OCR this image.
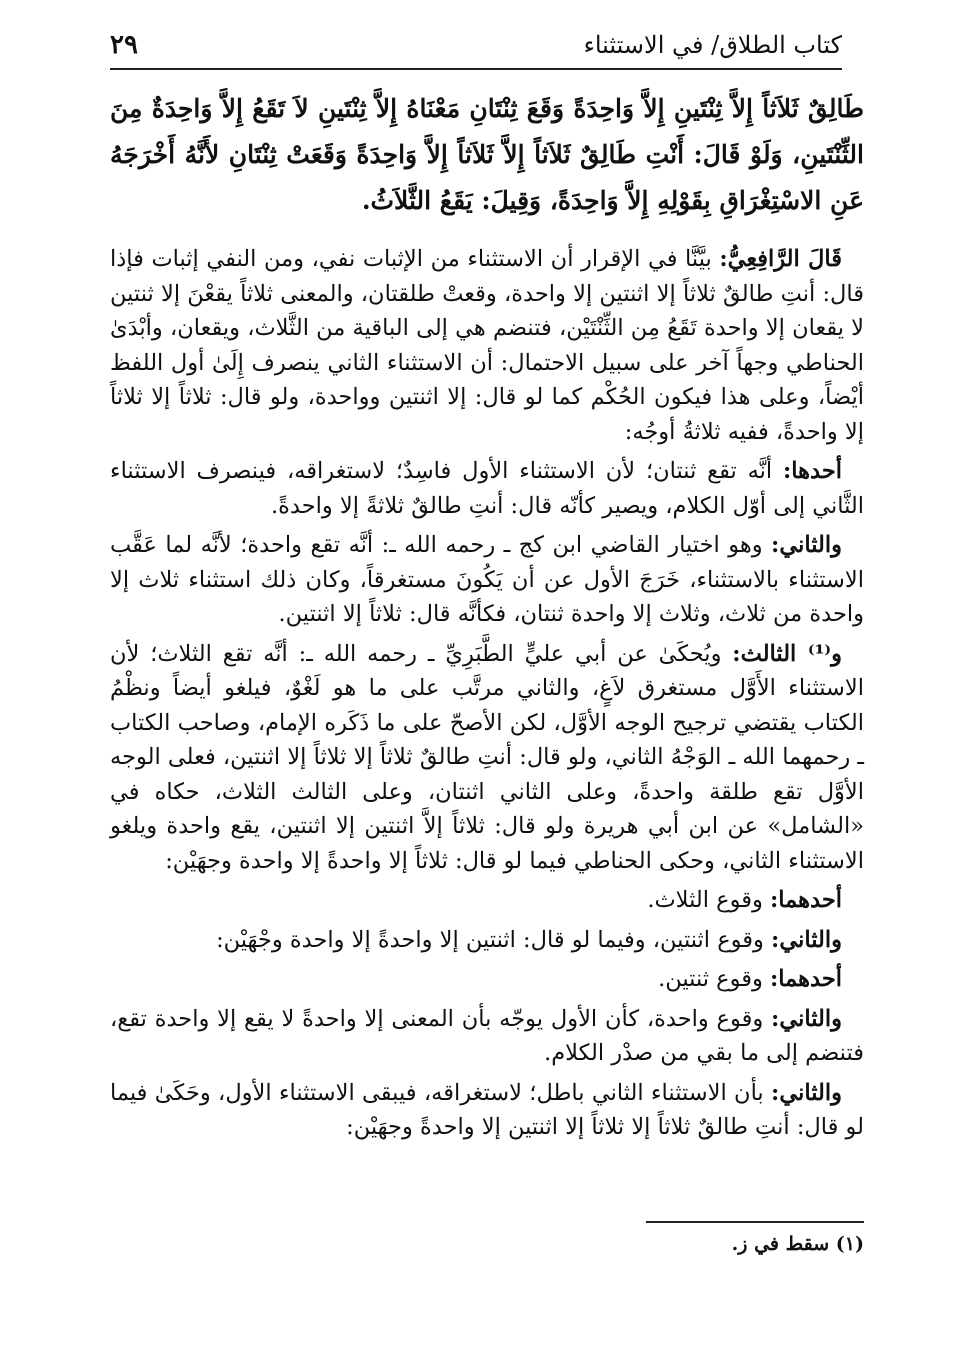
٢٩	كتاب الطلاق/ في الاستثناء

طَالِقٌ ثَلاَثاً إِلاَّ ثِنْتَينِ إِلاَّ وَاحِدَةً وَقَعَ ثِنْتَانِ مَعْنَاهُ إِلاَّ ثِنْتَينِ لاَ تَقَعُ إِلاَّ وَاحِدَةٌ مِنَ الثِّنْتَينِ، وَلَوْ قَالَ: أَنْتِ طَالِقٌ ثَلاَثاً إِلاَّ ثَلاَثاً إِلاَّ وَاحِدَةً وَقَعَتْ ثِنْتَانِ لأَنَّهُ أَخْرَجَهُ عَنِ الاسْتِغْرَاقِ بِقَوْلِهِ إِلاَّ وَاحِدَةً، وَقِيلَ: يَقَعُ الثَّلاَثُ.

قَالَ الرَّافِعِيُّ: بيَّنَّا في الإقرار أن الاستثناء من الإثبات نفي، ومن النفي إثبات فإذا قال: أنتِ طالقٌ ثلاثاً إلا اثنتين إلا واحدة، وقعتْ طلقتان، والمعنى ثلاثاً يقعْنَ إلا ثنتين لا يقعان إلا واحدة تَقَعُ مِن الثِّنْتَيْن، فتنضم هي إلى الباقية من الثَّلاث، ويقعان، وأبْدَىٰ الحناطي وجهاً آخر على سبيل الاحتمال: أن الاستثناء الثاني ينصرف إِلَىٰ أول اللفظ أيْضاً، وعلى هذا فيكون الحُكْم كما لو قال: إلا اثنتين وواحدة، ولو قال: ثلاثاً إلا ثلاثاً إلا واحدةً، ففيه ثلاثةُ أوجُه:

أحدها: أنَّه تقع ثنتان؛ لأن الاستثناء الأول فاسِدٌ؛ لاستغراقه، فينصرف الاستثناء الثَّاني إلى أوّل الكلام، ويصير كأنّه قال: أنتِ طالقٌ ثلاثةً إلا واحدةً.

والثاني: وهو اختيار القاضي ابن كج ـ رحمه الله ـ: أنَّه تقع واحدة؛ لأنَّه لما عَقَّب الاستثناء بالاستثناء، خَرَجَ الأول عن أن يَكُونَ مستغرقاً، وكان ذلك استثناء ثلاث إلا واحدة من ثلاث، وثلاث إلا واحدة ثنتان، فكأنَّه قال: ثلاثاً إلا اثنتين.

و⁽¹⁾ الثالث: ويُحكَىٰ عن أبي عليٍّ الطَّبَرِيِّ ـ رحمه الله ـ: أنَّه تقع الثلاث؛ لأن الاستثناء الأَوَّل مستغرق لاَغٍ، والثاني مرتَّب على ما هو لَغْوٌ، فيلغو أيضاً ونظْمُ الكتاب يقتضي ترجيح الوجه الأوَّل، لكن الأصحّ على ما ذَكَره الإمام، وصاحب الكتاب ـ رحمهما الله ـ الوَجْهُ الثاني، ولو قال: أنتِ طالقٌ ثلاثاً إلا ثلاثاً إلا اثنتين، فعلى الوجه الأوَّل تقع طلقة واحدةً، وعلى الثاني اثنتان، وعلى الثالث الثلاث، حكاه في «الشامل» عن ابن أبي هريرة ولو قال: ثلاثاً إلاَّ اثنتين إلا اثنتين، يقع واحدة ويلغو الاستثناء الثاني، وحكى الحناطي فيما لو قال: ثلاثاً إلا واحدةً إلا واحدة وجهَيْن:

أحدهما: وقوع الثلاث.

والثاني: وقوع اثنتين، وفيما لو قال: اثنتين إلا واحدةً إلا واحدة وجْهَيْن:

أحدهما: وقوع ثنتين.

والثاني: وقوع واحدة، كأن الأول يوجّه بأن المعنى إلا واحدةً لا يقع إلا واحدة تقع، فتنضم إلى ما بقي من صدْر الكلام.

والثاني: بأن الاستثناء الثاني باطل؛ لاستغراقه، فيبقى الاستثناء الأول، وحَكَىٰ فيما لو قال: أنتِ طالقٌ ثلاثاً إلا ثلاثاً إلا اثنتين إلا واحدةً وجهَيْن:

(١) سقط في ز.
